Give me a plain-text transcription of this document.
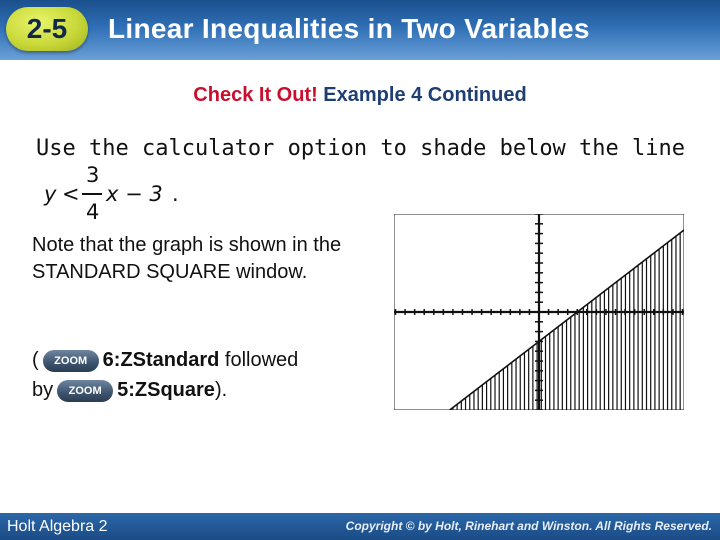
2-5	Linear Inequalities in Two Variables
Check It Out! Example 4 Continued
Use the calculator option to shade below the line
y <
3
4
x − 3 .
Note that the graph is shown in the STANDARD SQUARE window.
( ZOOM 6:ZStandard followed
by ZOOM 5:ZSquare).
Holt Algebra 2	Copyright © by Holt, Rinehart and Winston. All Rights Reserved.
